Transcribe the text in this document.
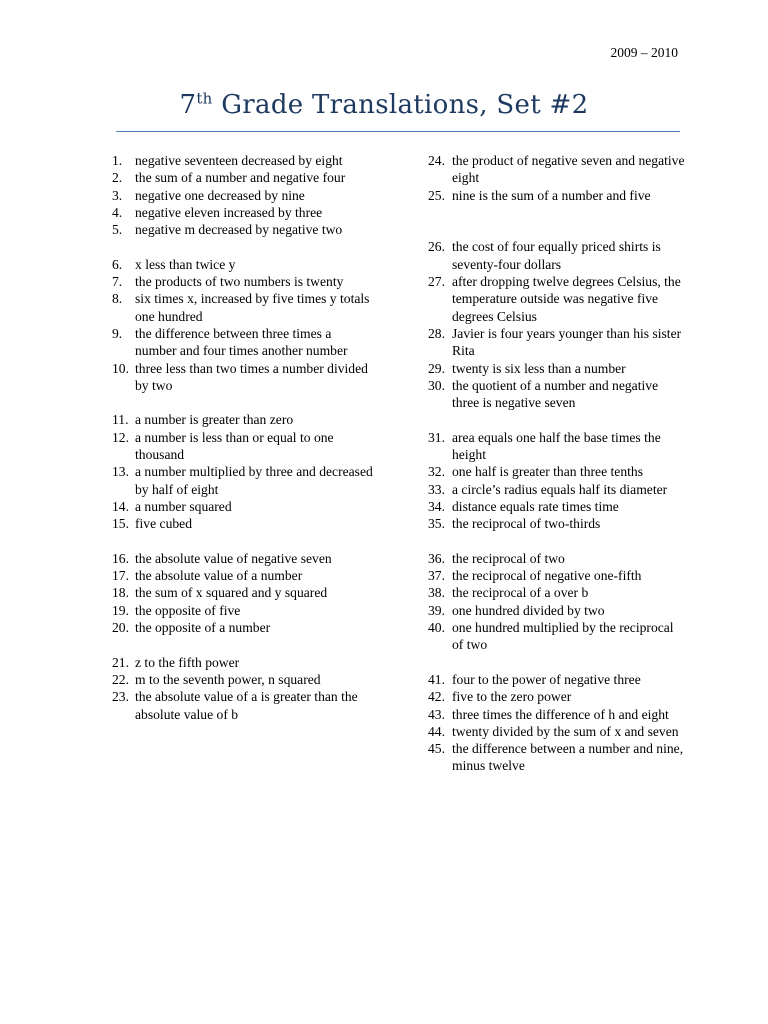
2009 – 2010
7th Grade Translations, Set #2
1. negative seventeen decreased by eight
2. the sum of a number and negative four
3. negative one decreased by nine
4. negative eleven increased by three
5. negative m decreased by negative two
6. x less than twice y
7. the products of two numbers is twenty
8. six times x, increased by five times y totals one hundred
9. the difference between three times a number and four times another number
10. three less than two times a number divided by two
11. a number is greater than zero
12. a number is less than or equal to one thousand
13. a number multiplied by three and decreased by half of eight
14. a number squared
15. five cubed
16. the absolute value of negative seven
17. the absolute value of a number
18. the sum of x squared and y squared
19. the opposite of five
20. the opposite of a number
21. z to the fifth power
22. m to the seventh power, n squared
23. the absolute value of a is greater than the absolute value of b
24. the product of negative seven and negative eight
25. nine is the sum of a number and five
26. the cost of four equally priced shirts is seventy-four dollars
27. after dropping twelve degrees Celsius, the temperature outside was negative five degrees Celsius
28. Javier is four years younger than his sister Rita
29. twenty is six less than a number
30. the quotient of a number and negative three is negative seven
31. area equals one half the base times the height
32. one half is greater than three tenths
33. a circle’s radius equals half its diameter
34. distance equals rate times time
35. the reciprocal of two-thirds
36. the reciprocal of two
37. the reciprocal of negative one-fifth
38. the reciprocal of a over b
39. one hundred divided by two
40. one hundred multiplied by the reciprocal of two
41. four to the power of negative three
42. five to the zero power
43. three times the difference of h and eight
44. twenty divided by the sum of x and seven
45. the difference between a number and nine, minus twelve
